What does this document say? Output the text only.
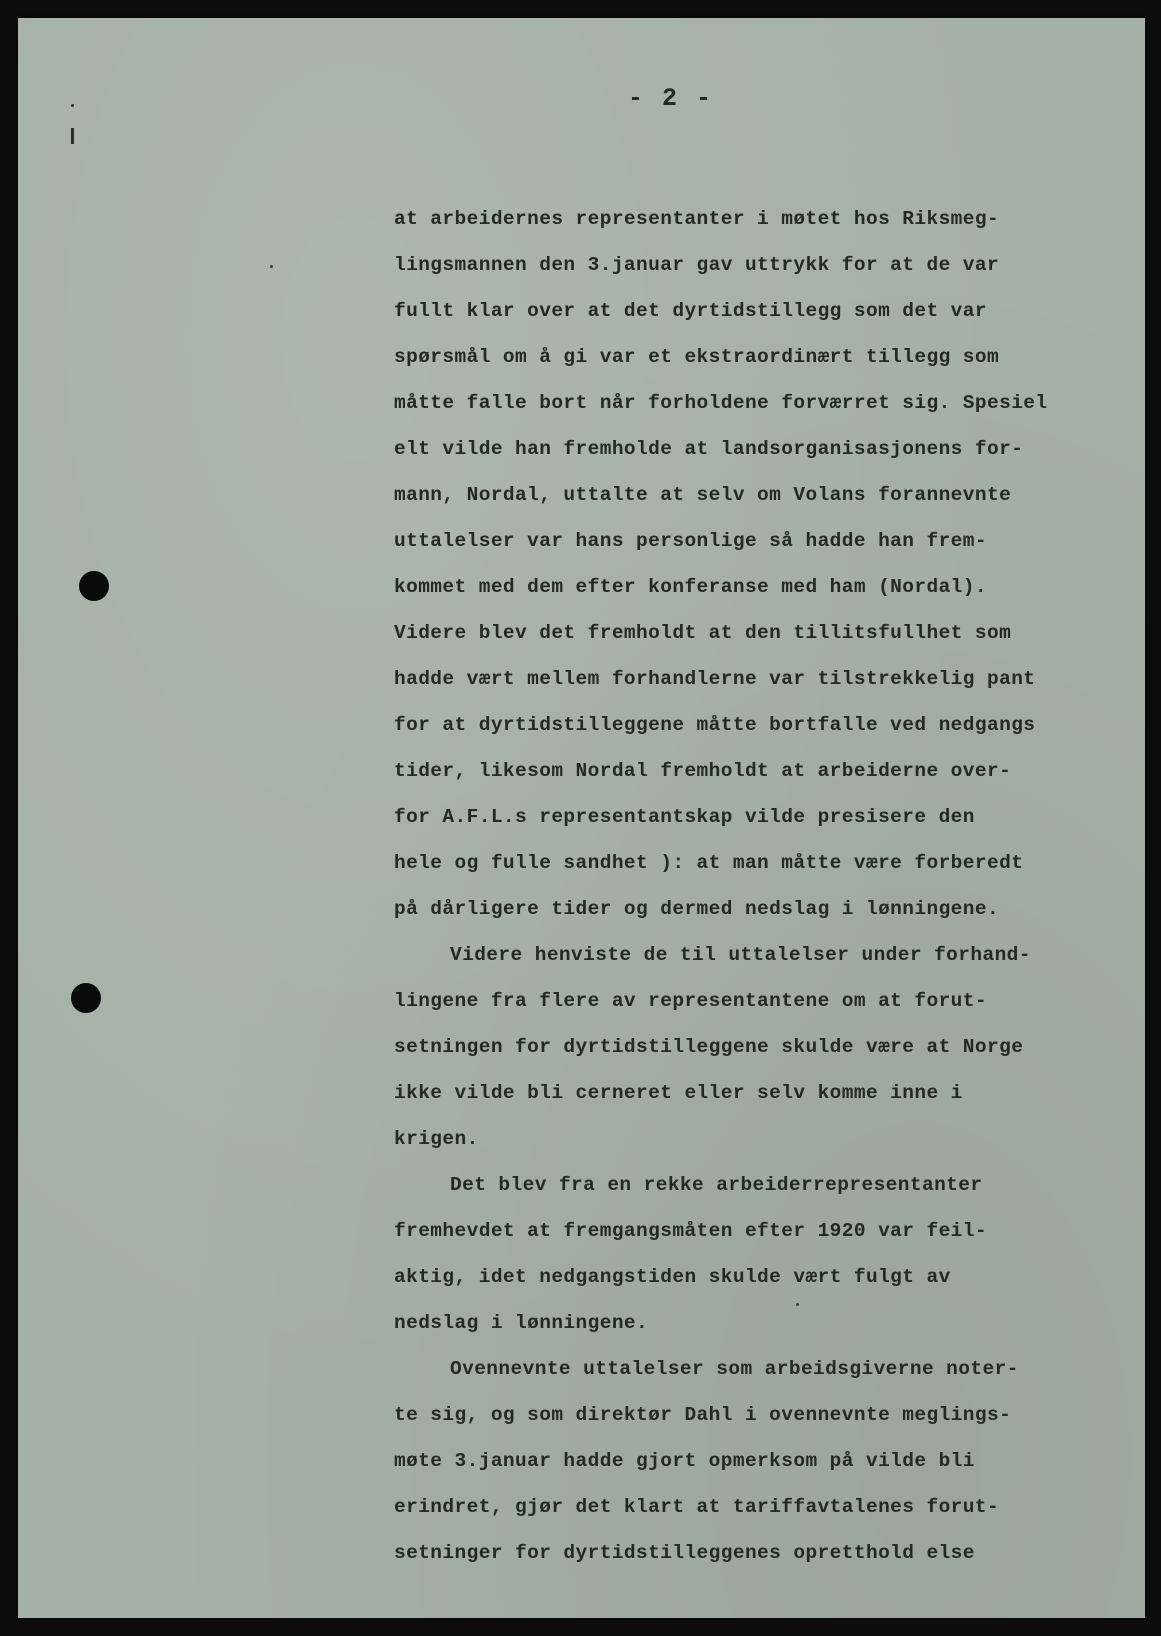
- 2 -
at arbeidernes representanter i møtet hos Riksmeg-
lingsmannen den 3.januar gav uttrykk for at de var
fullt klar over at det dyrtidstillegg som det var
spørsmål om å gi var et ekstraordinært tillegg som
måtte falle bort når forholdene forværret sig. Spesiel
elt vilde han fremholde at landsorganisasjonens for-
mann, Nordal, uttalte at selv om Volans forannevnte
uttalelser var hans personlige så hadde han frem-
kommet med dem efter konferanse med ham (Nordal).
Videre blev det fremholdt at den tillitsfullhet som
hadde vært mellem forhandlerne var tilstrekkelig pant
for at dyrtidstilleggene måtte bortfalle ved nedgangs
tider, likesom Nordal fremholdt at arbeiderne over-
for A.F.L.s representantskap vilde presisere den
hele og fulle sandhet ): at man måtte være forberedt
på dårligere tider og dermed nedslag i lønningene.
Videre henviste de til uttalelser under forhand-
lingene fra flere av representantene om at forut-
setningen for dyrtidstilleggene skulde være at Norge
ikke vilde bli cerneret eller selv komme inne i
krigen.
Det blev fra en rekke arbeiderrepresentanter
fremhevdet at fremgangsmåten efter 1920 var feil-
aktig, idet nedgangstiden skulde vært fulgt av
nedslag i lønningene.
Ovennevnte uttalelser som arbeidsgiverne noter-
te sig, og som direktør Dahl i ovennevnte meglings-
møte 3.januar hadde gjort opmerksom på vilde bli
erindret, gjør det klart at tariffavtalenes forut-
setninger for dyrtidstilleggenes opretthold else
